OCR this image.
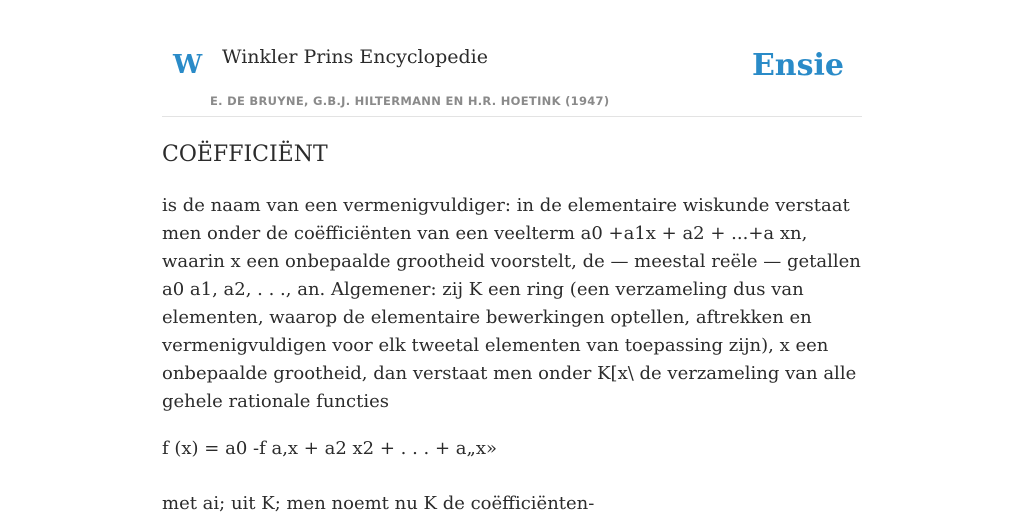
W Winkler Prins Encyclopedie
E. DE BRUYNE, G.B.J. HILTERMANN EN H.R. HOETINK (1947)
Ensie
COËFFICIËNT

is de naam van een vermenigvuldiger: in de elementaire wiskunde verstaat men onder de coëfficiënten van een veelterm a0 +a1x + a2 + ...+a xn, waarin x een onbepaalde grootheid voorstelt, de — meestal reële — getallen a0 a1, a2, . . ., an. Algemener: zij K een ring (een verzameling dus van elementen, waarop de elementaire bewerkingen optellen, aftrekken en vermenigvuldigen voor elk tweetal elementen van toepassing zijn), x een onbepaalde grootheid, dan verstaat men onder K[x\ de verzameling van alle gehele rationale functies

f (x) = a0 -f a,x + a2 x2 + . . . + a„x»

met ai; uit K; men noemt nu K de coëfficiënten-
